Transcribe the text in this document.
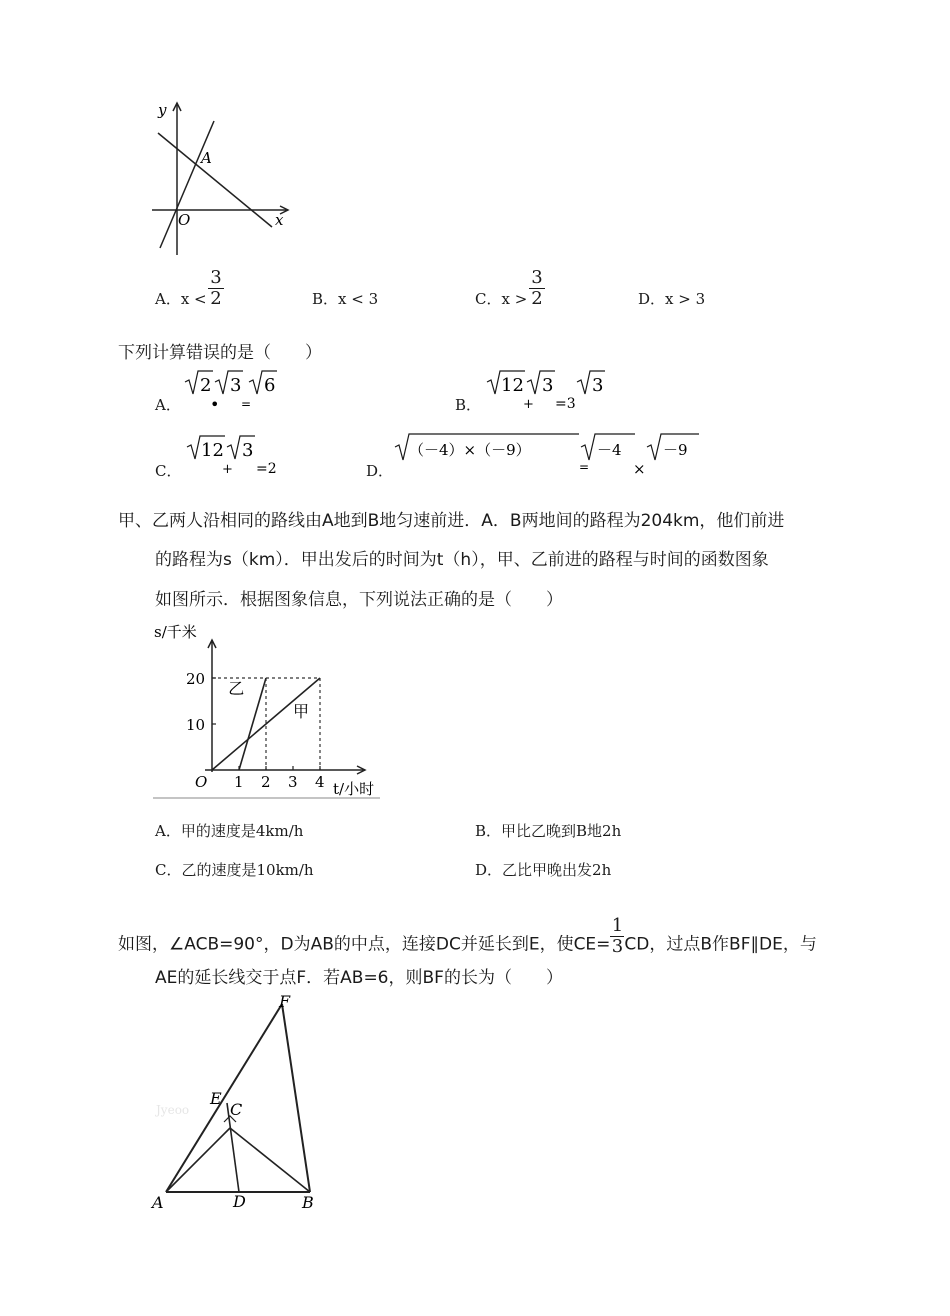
y
x
O
A
A．$x < \frac{3}{2}$	B．x < 3	C．$x > \frac{3}{2}$	D．x > 3
下列计算错误的是（　　）
A．
2 3 6
• =	B．
12 3 3
+ =3
C．
12 3
+ =2	D．
（－4）×（－9）	－4	－9
=	×
甲、乙两人沿相同的路线由A地到B地匀速前进．A．B两地间的路程为204km，他们前进
的路程为s（km）．甲出发后的时间为t（h），甲、乙前进的路程与时间的函数图象
如图所示．根据图象信息，下列说法正确的是（　　）
1 2 3 4
10
20
甲
乙
s/千米
t/小时
O
A．甲的速度是4km/h	B．甲比乙晚到B地2h
C．乙的速度是10km/h	D．乙比甲晚出发2h
如图，∠ACB=90°，D为AB的中点，连接DC并延长到E，使$CE= \frac{1}{3}$ CD，过点B作BF∥DE，与
AE的延长线交于点F．若AB=6，则BF的长为（　　）
Jyeoo
F
E
C
A	D	B
